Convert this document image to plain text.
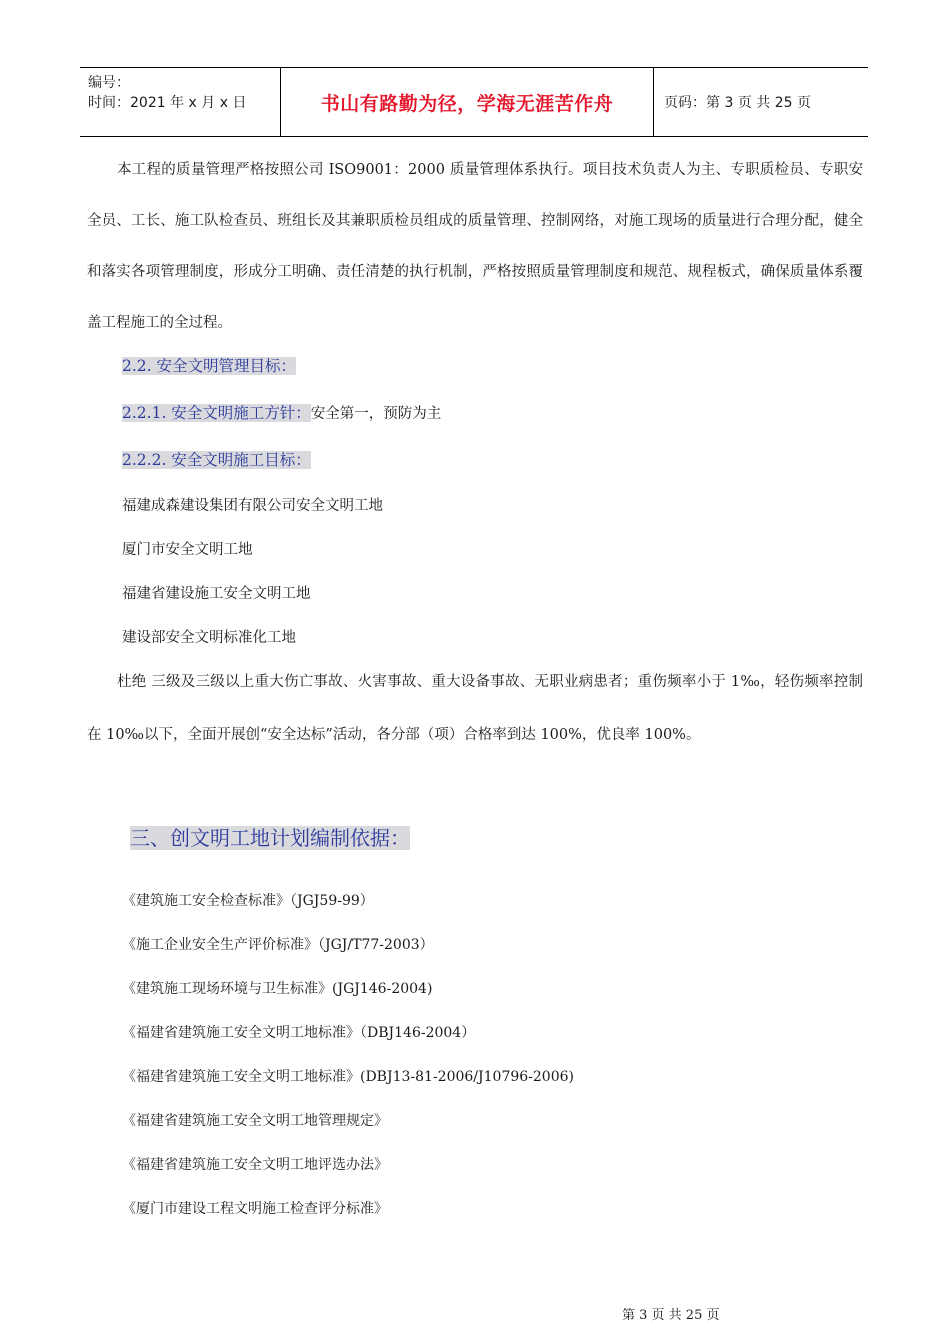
编号：
时间：2021 年 x 月 x 日	书山有路勤为径，学海无涯苦作舟	页码：第 3 页 共 25 页
本工程的质量管理严格按照公司 ISO9001：2000 质量管理体系执行。项目技术负责人为主、专职质检员、专职安全员、工长、施工队检查员、班组长及其兼职质检员组成的质量管理、控制网络，对施工现场的质量进行合理分配，健全和落实各项管理制度，形成分工明确、责任清楚的执行机制，严格按照质量管理制度和规范、规程板式，确保质量体系覆盖工程施工的全过程。
2.2. 安全文明管理目标：
2.2.1. 安全文明施工方针：安全第一，预防为主
2.2.2. 安全文明施工目标：
福建成森建设集团有限公司安全文明工地
厦门市安全文明工地
福建省建设施工安全文明工地
建设部安全文明标准化工地
杜绝 三级及三级以上重大伤亡事故、火害事故、重大设备事故、无职业病患者；重伤频率小于 1‰，轻伤频率控制在 10‰以下，全面开展创“安全达标”活动，各分部（项）合格率到达 100%，优良率 100%。
三、创文明工地计划编制依据：
《建筑施工安全检查标准》（JGJ59-99）
《施工企业安全生产评价标准》（JGJ/T77-2003）
《建筑施工现场环境与卫生标准》(JGJ146-2004)
《福建省建筑施工安全文明工地标准》（DBJ146-2004）
《福建省建筑施工安全文明工地标准》(DBJ13-81-2006/J10796-2006)
《福建省建筑施工安全文明工地管理规定》
《福建省建筑施工安全文明工地评选办法》
《厦门市建设工程文明施工检查评分标准》
第 3 页 共 25 页
